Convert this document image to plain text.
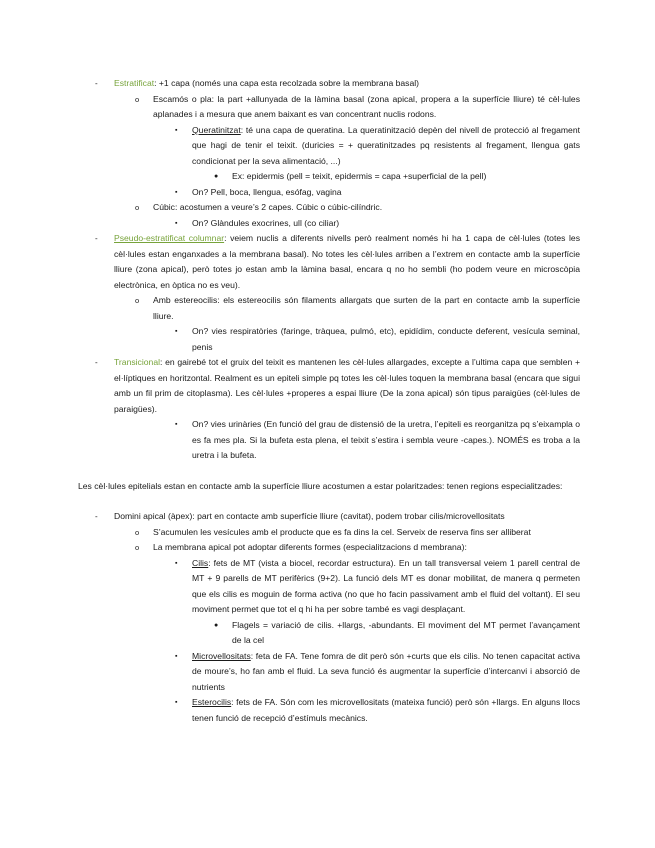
- Estratificat: +1 capa (només una capa esta recolzada sobre la membrana basal)
o Escamós o pla: la part +allunyada de la làmina basal (zona apical, propera a la superfície lliure) té cèl·lules aplanades i a mesura que anem baixant es van concentrant nuclis rodons.
▪ Queratinitzat: té una capa de queratina. La queratinització depèn del nivell de protecció al fregament que hagi de tenir el teixit. (duricies = + queratinitzades pq resistents al fregament, llengua gats condicionat per la seva alimentació, ...)
● Ex: epidermis (pell = teixit, epidermis = capa +superficial de la pell)
▪ On? Pell, boca, llengua, esófag, vagina
o Cúbic: acostumen a veure’s 2 capes. Cúbic o cúbic-cilíndric.
▪ On? Glàndules exocrines, ull (co ciliar)
- Pseudo-estratificat columnar: veiem nuclis a diferents nivells però realment només hi ha 1 capa de cèl·lules (totes les cèl·lules estan enganxades a la membrana basal). No totes les cèl·lules arriben a l’extrem en contacte amb la superfície lliure (zona apical), però totes jo estan amb la làmina basal, encara q no ho sembli (ho podem veure en microscòpia electrònica, en òptica no es veu).
o Amb estereocilis: els estereocilis són filaments allargats que surten de la part en contacte amb la superfície lliure.
▪ On? vies respiratòries (faringe, tràquea, pulmó, etc), epidídim, conducte deferent, vesícula seminal, penis
- Transicional: en gairebé tot el gruix del teixit es mantenen les cèl·lules allargades, excepte a l’ultima capa que semblen + el·líptiques en horitzontal. Realment es un epiteli simple pq totes les cèl·lules toquen la membrana basal (encara que sigui amb un fil prim de citoplasma). Les cèl·lules +properes a espai lliure (De la zona apical) són tipus paraigües (cèl·lules de paraigües).
▪ On? vies urinàries (En funció del grau de distensió de la uretra, l’epiteli es reorganitza pq s’eixampla o es fa mes pla. Si la bufeta esta plena, el teixit s’estira i sembla veure -capes.). NOMÉS es troba a la uretra i la bufeta.
Les cèl·lules epitelials estan en contacte amb la superfície lliure acostumen a estar polaritzades: tenen regions especialitzades:
- Domini apical (àpex): part en contacte amb superfície lliure (cavitat), podem trobar cilis/microvellositats
o S’acumulen les vesícules amb el producte que es fa dins la cel. Serveix de reserva fins ser alliberat
o La membrana apical pot adoptar diferents formes (especialitzacions d membrana):
▪ Cilis: fets de MT (vista a biocel, recordar estructura). En un tall transversal veiem 1 parell central de MT + 9 parells de MT perifèrics (9+2). La funció dels MT es donar mobilitat, de manera q permeten que els cilis es moguin de forma activa (no que ho facin passivament amb el fluid del voltant). El seu moviment permet que tot el q hi ha per sobre també es vagi desplaçant.
● Flagels = variació de cilis. +llargs, -abundants. El moviment del MT permet l’avançament de la cel
▪ Microvellositats: feta de FA. Tene fomra de dit però són +curts que els cilis. No tenen capacitat activa de moure’s, ho fan amb el fluid. La seva funció és augmentar la superfície d’intercanvi i absorció de nutrients
▪ Esterocilis: fets de FA. Són com les microvellositats (mateixa funció) però són +llargs. En alguns llocs tenen funció de recepció d’estímuls mecànics.
